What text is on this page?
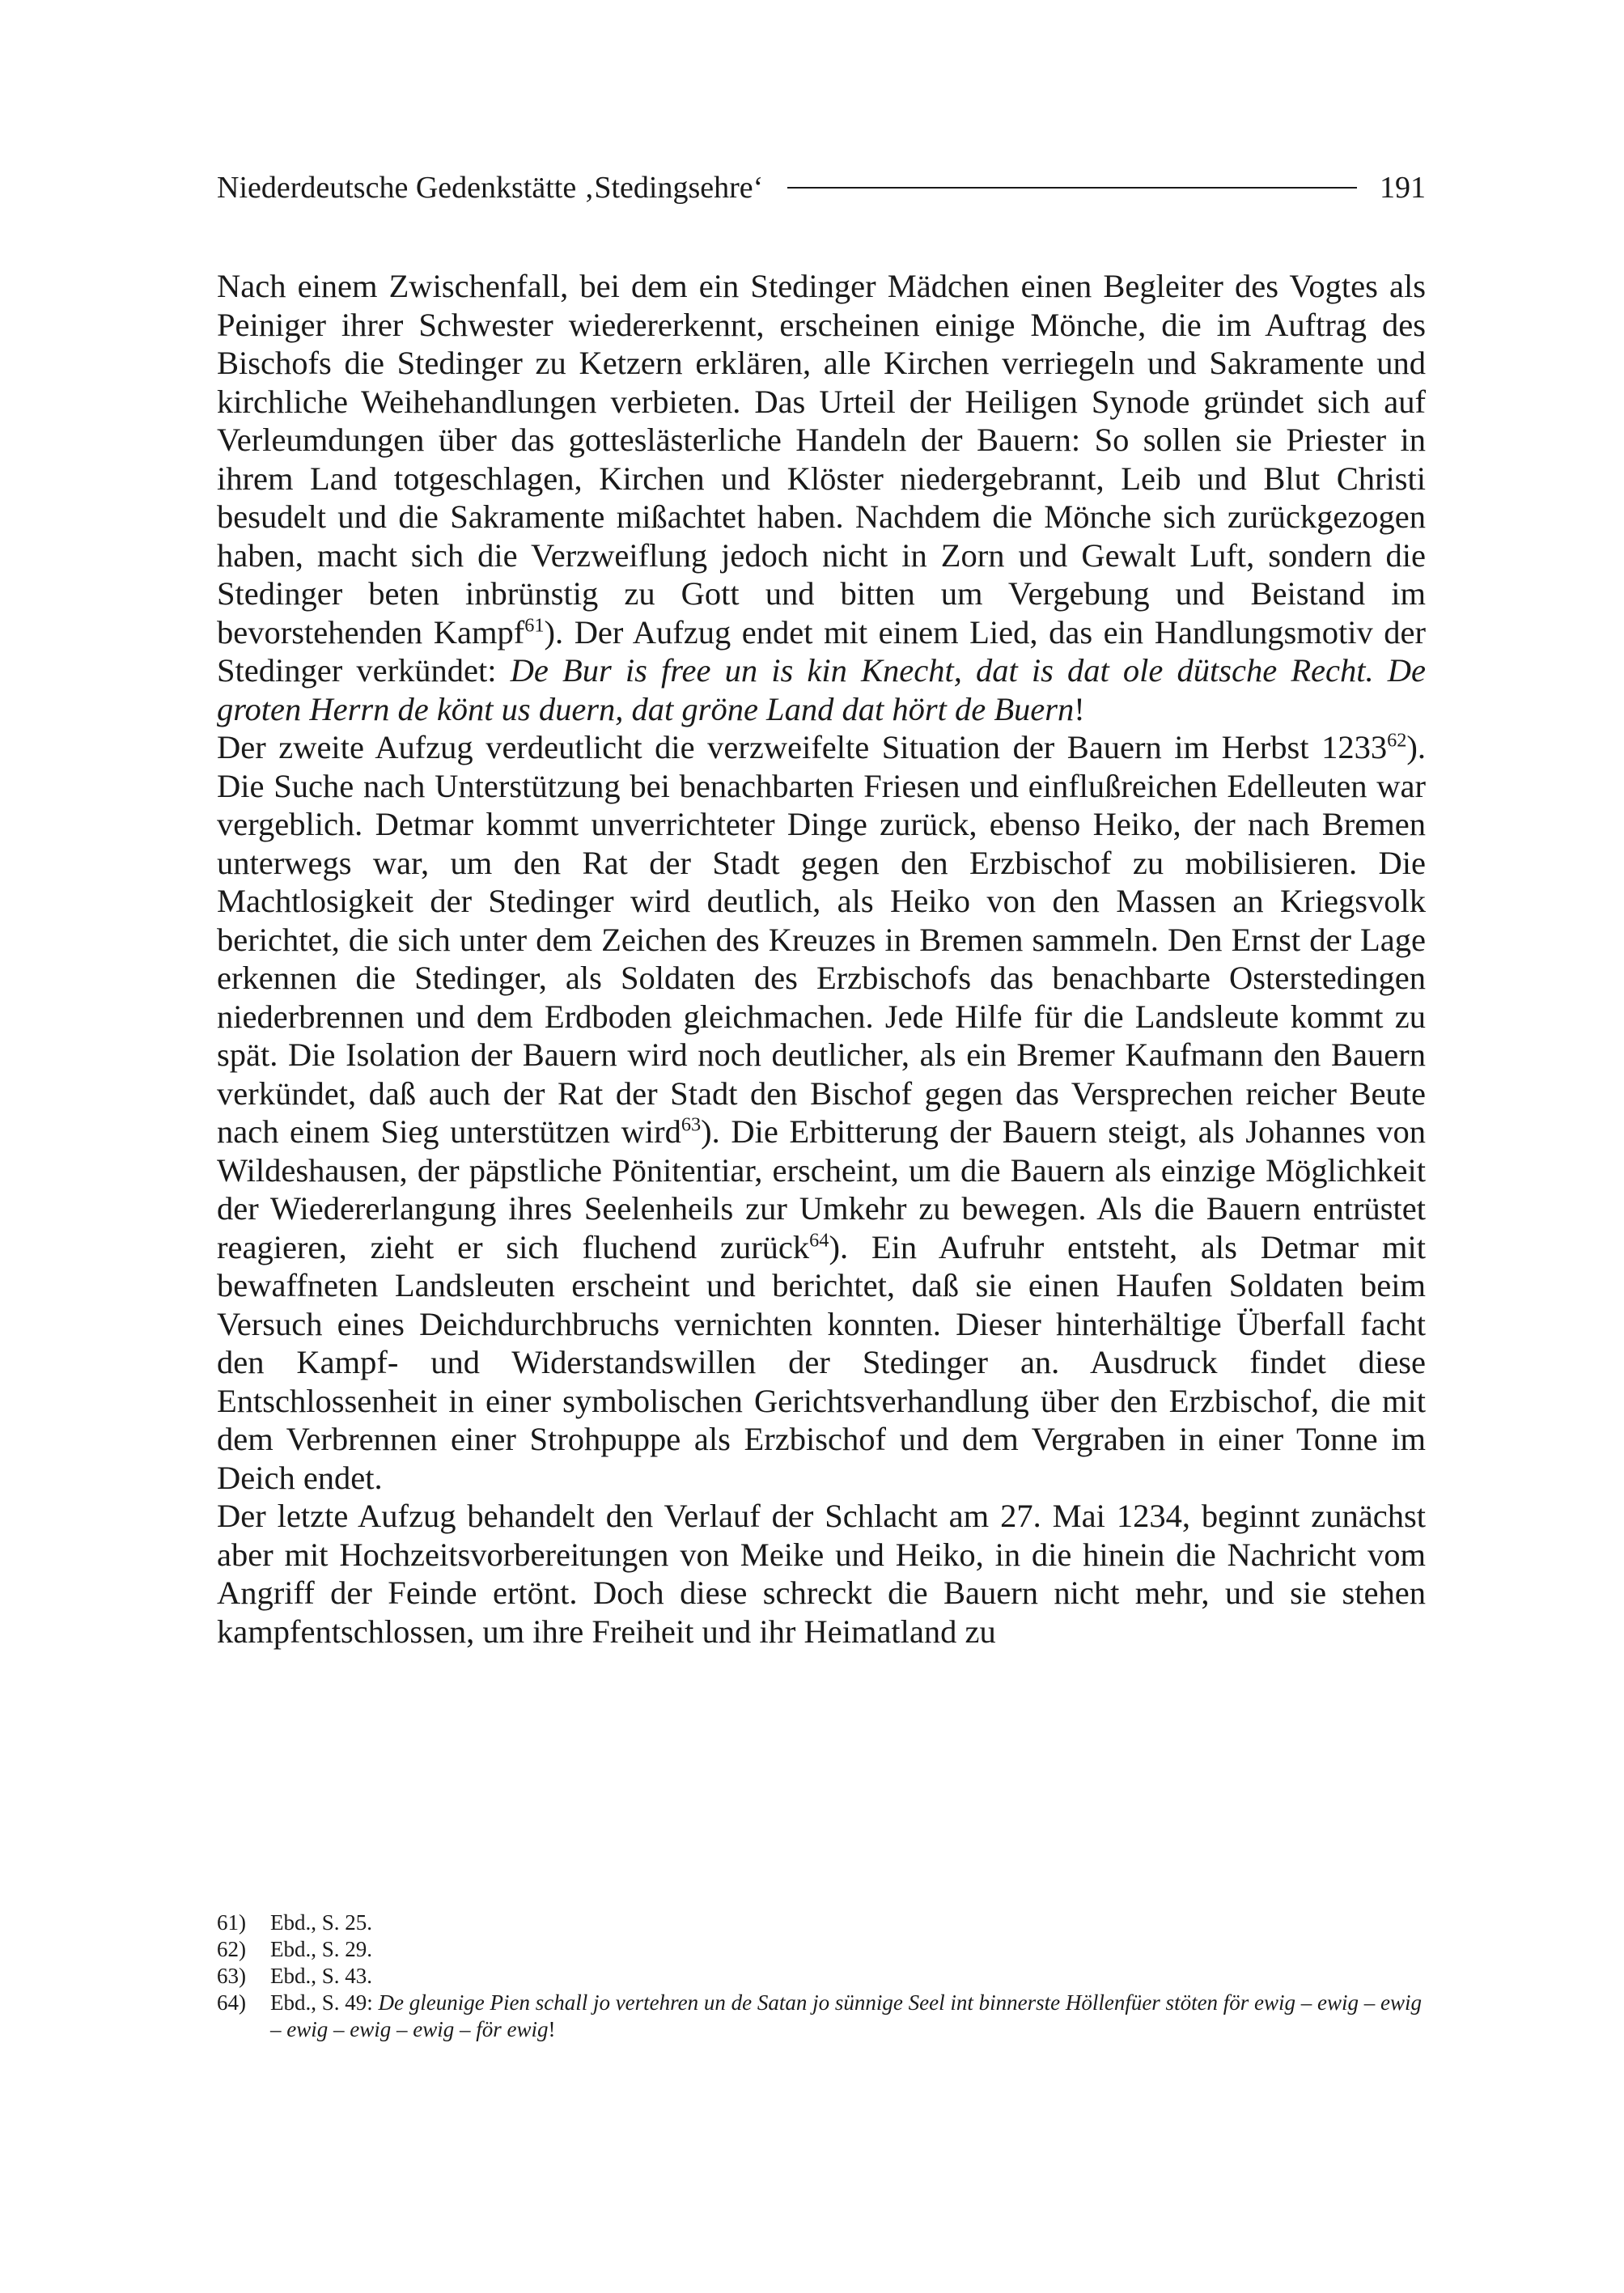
Niederdeutsche Gedenkstätte ‚Stedingsehre‘	191

Nach einem Zwischenfall, bei dem ein Stedinger Mädchen einen Begleiter des Vogtes als Peiniger ihrer Schwester wiedererkennt, erscheinen einige Mönche, die im Auftrag des Bischofs die Stedinger zu Ketzern erklären, alle Kirchen verriegeln und Sakramente und kirchliche Weihehandlungen verbieten. Das Urteil der Heiligen Synode gründet sich auf Verleumdungen über das gotteslästerliche Handeln der Bauern: So sollen sie Priester in ihrem Land totgeschlagen, Kirchen und Klöster niedergebrannt, Leib und Blut Christi besudelt und die Sakramente mißachtet haben. Nachdem die Mönche sich zurückgezogen haben, macht sich die Verzweiflung jedoch nicht in Zorn und Gewalt Luft, sondern die Stedinger beten inbrünstig zu Gott und bitten um Vergebung und Beistand im bevorstehenden Kampf$^{61}$). Der Aufzug endet mit einem Lied, das ein Handlungsmotiv der Stedinger verkündet: De Bur is free un is kin Knecht, dat is dat ole dütsche Recht. De groten Herrn de könt us duern, dat gröne Land dat hört de Buern!

Der zweite Aufzug verdeutlicht die verzweifelte Situation der Bauern im Herbst 1233$^{62}$). Die Suche nach Unterstützung bei benachbarten Friesen und einflußreichen Edelleuten war vergeblich. Detmar kommt unverrichteter Dinge zurück, ebenso Heiko, der nach Bremen unterwegs war, um den Rat der Stadt gegen den Erzbischof zu mobilisieren. Die Machtlosigkeit der Stedinger wird deutlich, als Heiko von den Massen an Kriegsvolk berichtet, die sich unter dem Zeichen des Kreuzes in Bremen sammeln. Den Ernst der Lage erkennen die Stedinger, als Soldaten des Erzbischofs das benachbarte Osterstedingen niederbrennen und dem Erdboden gleichmachen. Jede Hilfe für die Landsleute kommt zu spät. Die Isolation der Bauern wird noch deutlicher, als ein Bremer Kaufmann den Bauern verkündet, daß auch der Rat der Stadt den Bischof gegen das Versprechen reicher Beute nach einem Sieg unterstützen wird$^{63}$). Die Erbitterung der Bauern steigt, als Johannes von Wildeshausen, der päpstliche Pönitentiar, erscheint, um die Bauern als einzige Möglichkeit der Wiedererlangung ihres Seelenheils zur Umkehr zu bewegen. Als die Bauern entrüstet reagieren, zieht er sich fluchend zurück$^{64}$). Ein Aufruhr entsteht, als Detmar mit bewaffneten Landsleuten erscheint und berichtet, daß sie einen Haufen Soldaten beim Versuch eines Deichdurchbruchs vernichten konnten. Dieser hinterhältige Überfall facht den Kampf- und Widerstandswillen der Stedinger an. Ausdruck findet diese Entschlossenheit in einer symbolischen Gerichtsverhandlung über den Erzbischof, die mit dem Verbrennen einer Strohpuppe als Erzbischof und dem Vergraben in einer Tonne im Deich endet.

Der letzte Aufzug behandelt den Verlauf der Schlacht am 27. Mai 1234, beginnt zunächst aber mit Hochzeitsvorbereitungen von Meike und Heiko, in die hinein die Nachricht vom Angriff der Feinde ertönt. Doch diese schreckt die Bauern nicht mehr, und sie stehen kampfentschlossen, um ihre Freiheit und ihr Heimatland zu

61)	Ebd., S. 25.
62)	Ebd., S. 29.
63)	Ebd., S. 43.
64)	Ebd., S. 49: De gleunige Pien schall jo vertehren un de Satan jo sünnige Seel int binnerste Höllenfüer stöten för ewig – ewig – ewig – ewig – ewig – ewig – för ewig!
